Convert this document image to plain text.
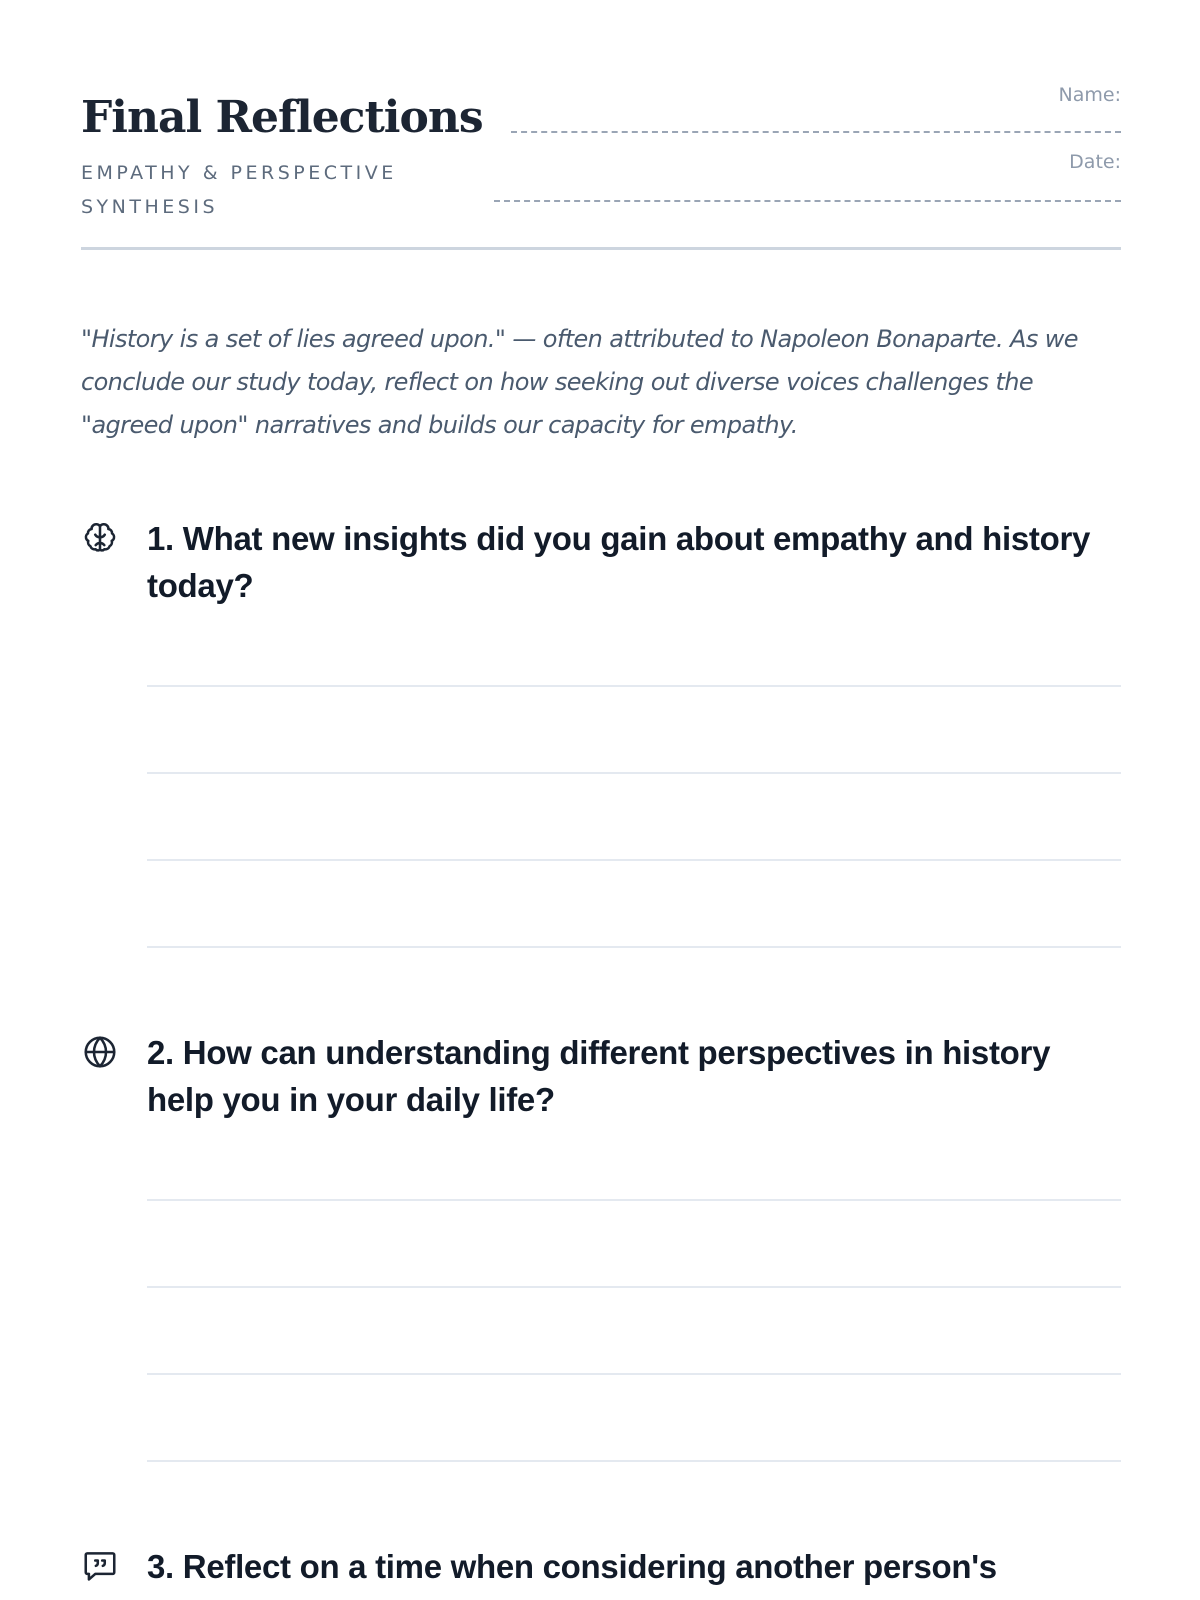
Final Reflections

EMPATHY & PERSPECTIVE SYNTHESIS

Name:
Date:

"History is a set of lies agreed upon." — often attributed to Napoleon Bonaparte. As we conclude our study today, reflect on how seeking out diverse voices challenges the "agreed upon" narratives and builds our capacity for empathy.

1. What new insights did you gain about empathy and history today?

2. How can understanding different perspectives in history help you in your daily life?

3. Reflect on a time when considering another person's
